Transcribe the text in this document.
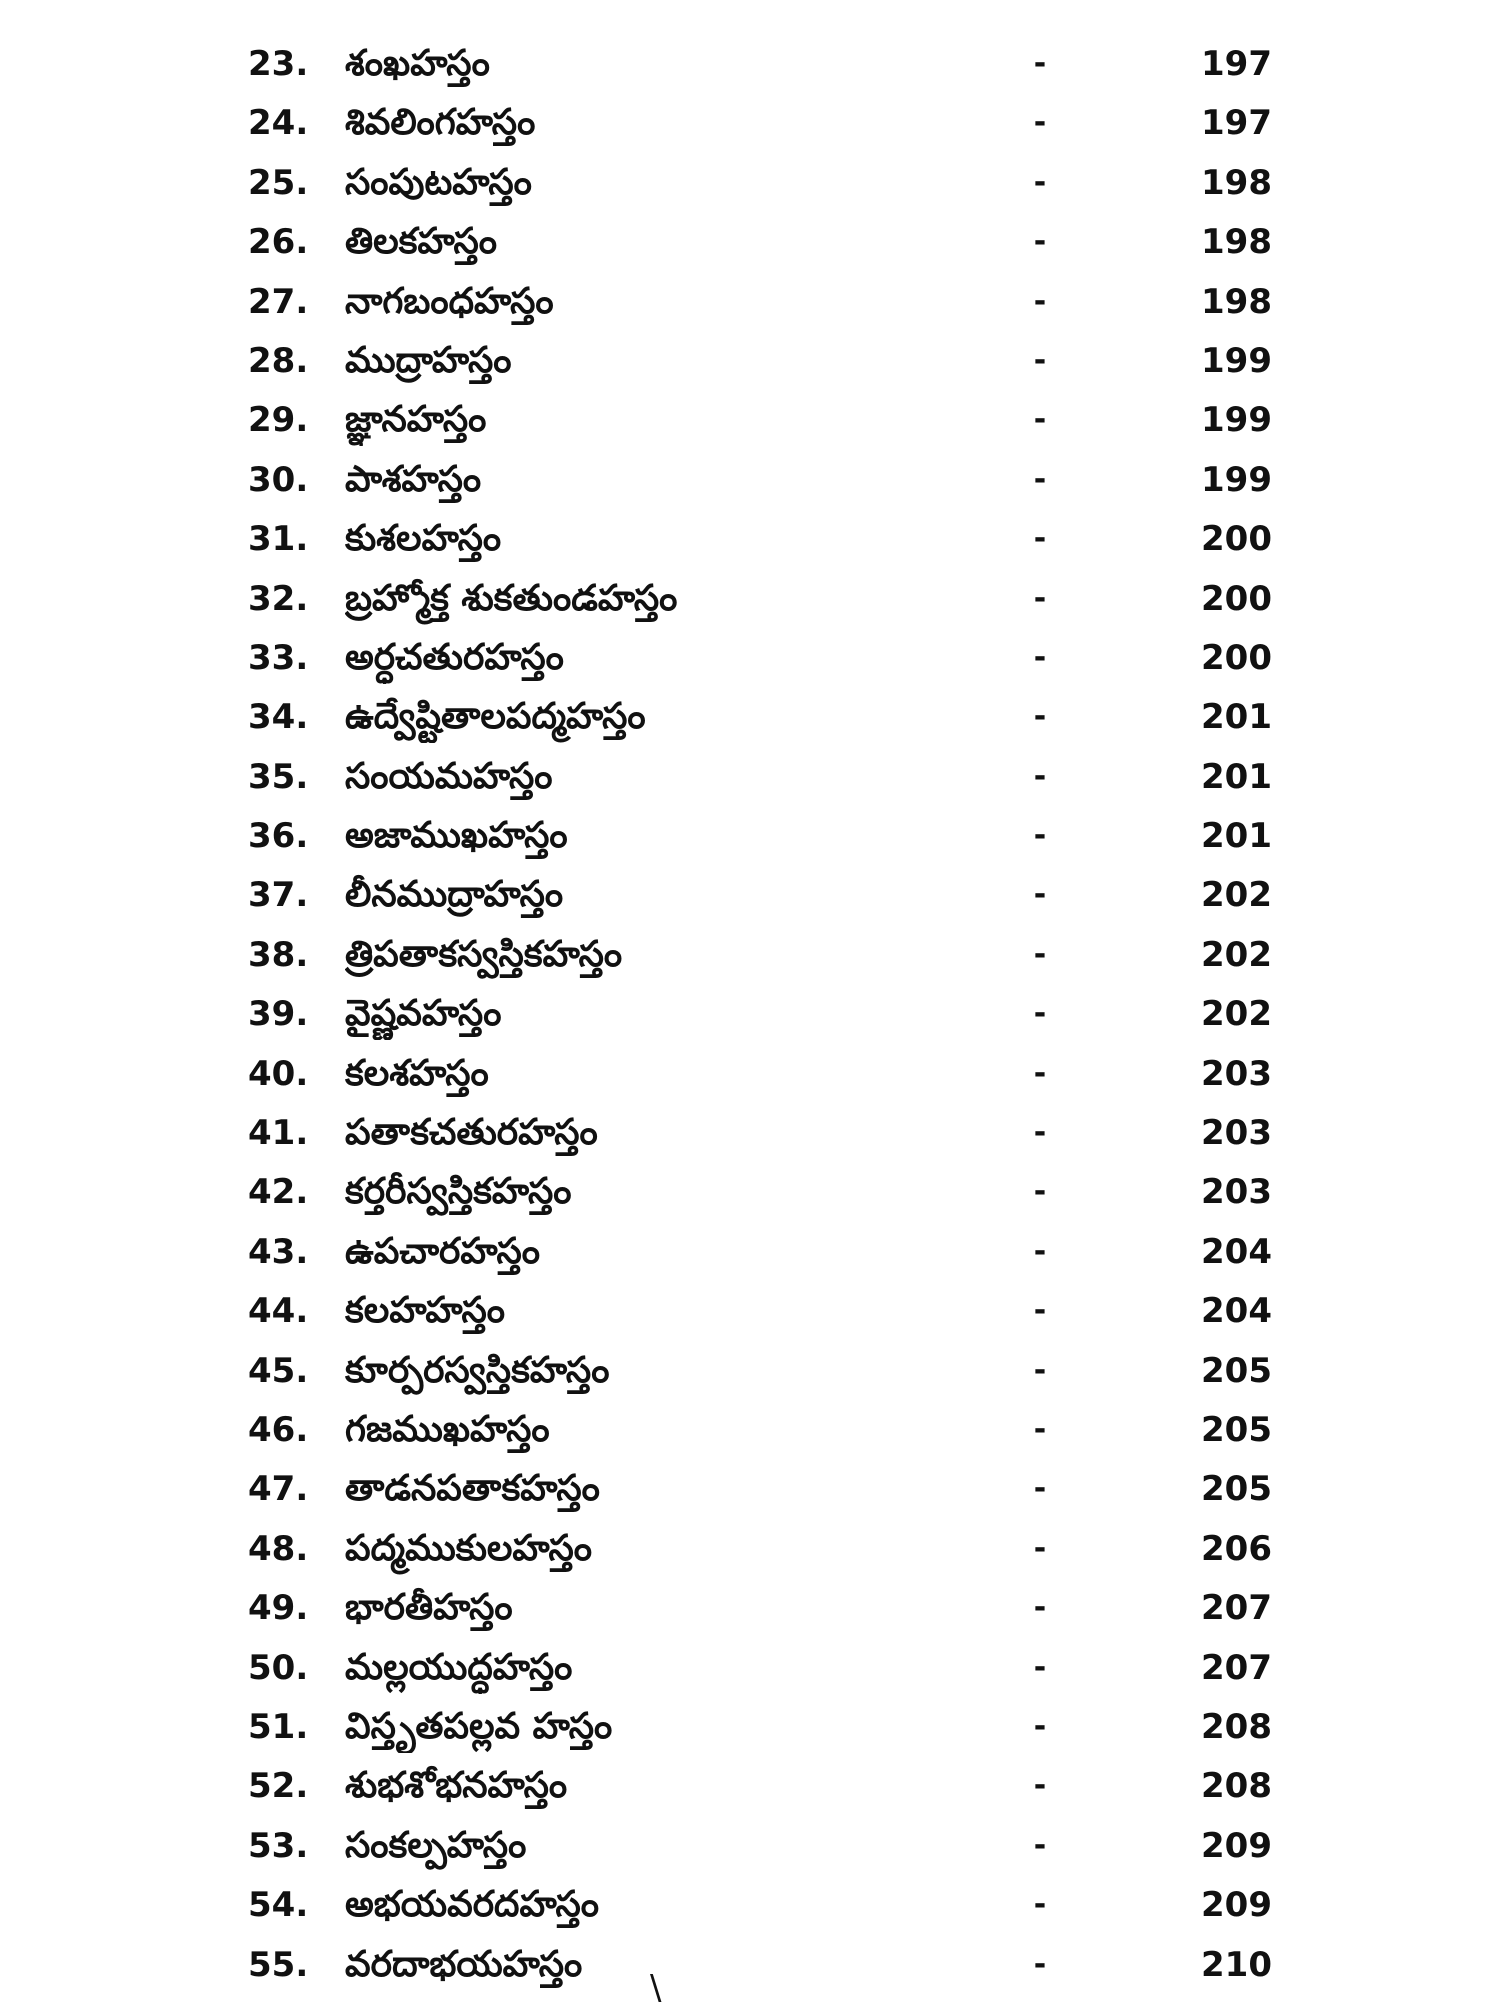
23. శంఖహస్తం	-	197
24. శివలింగహస్తం	-	197
25. సంపుటహస్తం	-	198
26. తిలకహస్తం	-	198
27. నాగబంధహస్తం	-	198
28. ముద్రాహస్తం	-	199
29. జ్ఞానహస్తం	-	199
30. పాశహస్తం	-	199
31. కుశలహస్తం	-	200
32. బ్రహ్మోక్త శుకతుండహస్తం	-	200
33. అర్ధచతురహస్తం	-	200
34. ఉద్వేష్టితాలపద్మహస్తం	-	201
35. సంయమహస్తం	-	201
36. అజాముఖహస్తం	-	201
37. లీనముద్రాహస్తం	-	202
38. త్రిపతాకస్వస్తికహస్తం	-	202
39. వైష్ణవహస్తం	-	202
40. కలశహస్తం	-	203
41. పతాకచతురహస్తం	-	203
42. కర్తరీస్వస్తికహస్తం	-	203
43. ఉపచారహస్తం	-	204
44. కలహహస్తం	-	204
45. కూర్పరస్వస్తికహస్తం	-	205
46. గజముఖహస్తం	-	205
47. తాడనపతాకహస్తం	-	205
48. పద్మముకులహస్తం	-	206
49. భారతీహస్తం	-	207
50. మల్లయుద్ధహస్తం	-	207
51. విస్తృతపల్లవ హస్తం	-	208
52. శుభశోభనహస్తం	-	208
53. సంకల్పహస్తం	-	209
54. అభయవరదహస్తం	-	209
55. వరదాభయహస్తం	-	210
\
